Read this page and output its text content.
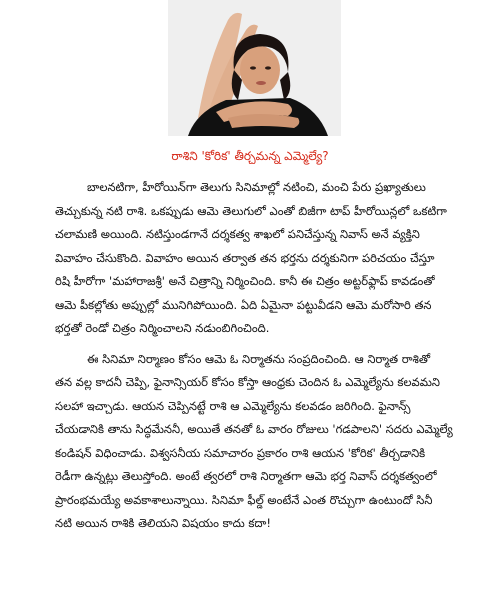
రాశిని 'కోరిక' తీర్చమన్న ఎమ్మెల్యే?
బాలనటిగా, హీరోయిన్‌గా తెలుగు సినిమాల్లో నటించి, మంచి పేరు ప్రఖ్యాతులు
తెచ్చుకున్న నటి రాశి. ఒకప్పుడు ఆమె తెలుగులో ఎంతో బిజీగా టాప్ హీరోయిన్లలో ఒకటిగా
చలామణి అయింది. నటిస్తుండగానే దర్శకత్వ శాఖలో పనిచేస్తున్న నివాస్ అనే వ్యక్తిని
వివాహం చేసుకొంది. వివాహం అయిన తర్వాత తన భర్తను దర్శకునిగా పరిచయం చేస్తూ
రిషి హీరోగా 'మహారాజశ్రీ' అనే చిత్రాన్ని నిర్మించింది. కానీ ఈ చిత్రం అట్టర్‌ఫ్లాప్ కావడంతో
ఆమె పీకల్లోతు అప్పుల్లో మునిగిపోయింది. ఏది ఏమైనా పట్టువీడని ఆమె మరోసారి తన
భర్తతో రెండో చిత్రం నిర్మించాలని నడుంబిగించింది.
ఈ సినిమా నిర్మాణం కోసం ఆమె ఓ నిర్మాతను సంప్రదించింది. ఆ నిర్మాత రాశితో
తన వల్ల కాదనీ చెప్పి, ఫైనాన్సియర్ కోసం కోస్తా ఆంధ్రకు చెందిన ఓ ఎమ్మెల్యేను కలవమని
సలహా ఇచ్చాడు. ఆయన చెప్పినట్టే రాశి ఆ ఎమ్మెల్యేను కలవడం జరిగింది. ఫైనాన్స్
చేయడానికి తాను సిద్ధమేననీ, అయితే తనతో ఓ వారం రోజులు 'గడపాలని' సదరు ఎమ్మెల్యే
కండిషన్ విధించాడు. విశ్వసనీయ సమాచారం ప్రకారం రాశి ఆయన 'కోరిక' తీర్చడానికి
రెడీగా ఉన్నట్లు తెలుస్తోంది. అంటే త్వరలో రాశి నిర్మాతగా ఆమె భర్త నివాస్ దర్శకత్వంలో
ప్రారంభమయ్యే అవకాశాలున్నాయి. సినిమా ఫీల్డ్ అంటేనే ఎంత రొచ్చుగా ఉంటుందో సినీ
నటి అయిన రాశికి తెలియని విషయం కాదు కదా!
